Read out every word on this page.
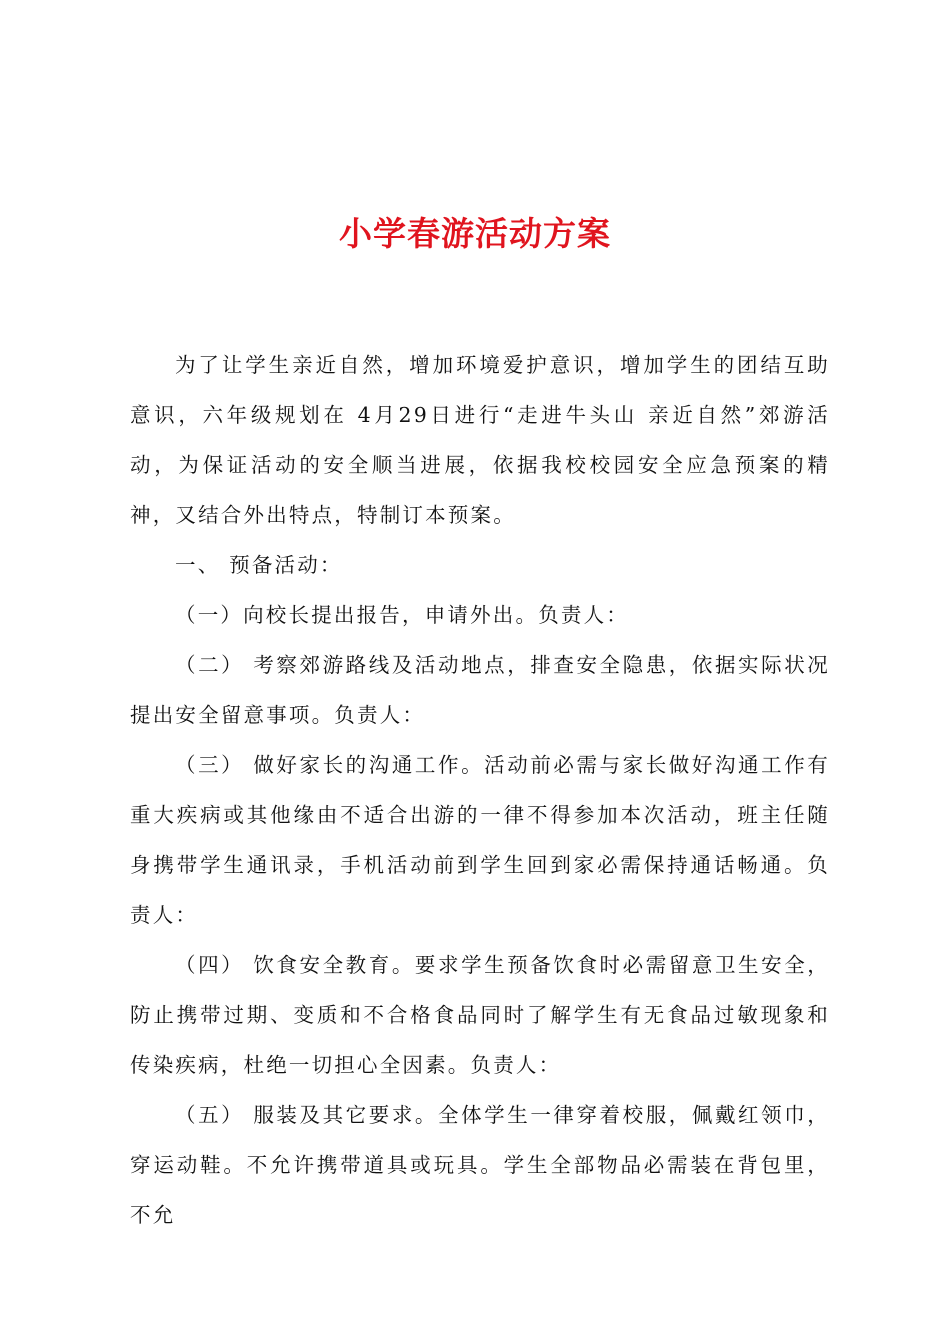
小学春游活动方案

为了让学生亲近自然，增加环境爱护意识，增加学生的团结互助意识，六年级规划在 4月29日进行“走进牛头山 亲近自然”郊游活动，为保证活动的安全顺当进展，依据我校校园安全应急预案的精神，又结合外出特点，特制订本预案。

一、 预备活动：

（一）向校长提出报告，申请外出。负责人：

（二） 考察郊游路线及活动地点，排查安全隐患，依据实际状况提出安全留意事项。负责人：

（三） 做好家长的沟通工作。活动前必需与家长做好沟通工作有重大疾病或其他缘由不适合出游的一律不得参加本次活动，班主任随身携带学生通讯录，手机活动前到学生回到家必需保持通话畅通。负责人：

（四） 饮食安全教育。要求学生预备饮食时必需留意卫生安全，防止携带过期、变质和不合格食品同时了解学生有无食品过敏现象和传染疾病，杜绝一切担心全因素。负责人：

（五） 服装及其它要求。全体学生一律穿着校服，佩戴红领巾，穿运动鞋。不允许携带道具或玩具。学生全部物品必需装在背包里，不允
